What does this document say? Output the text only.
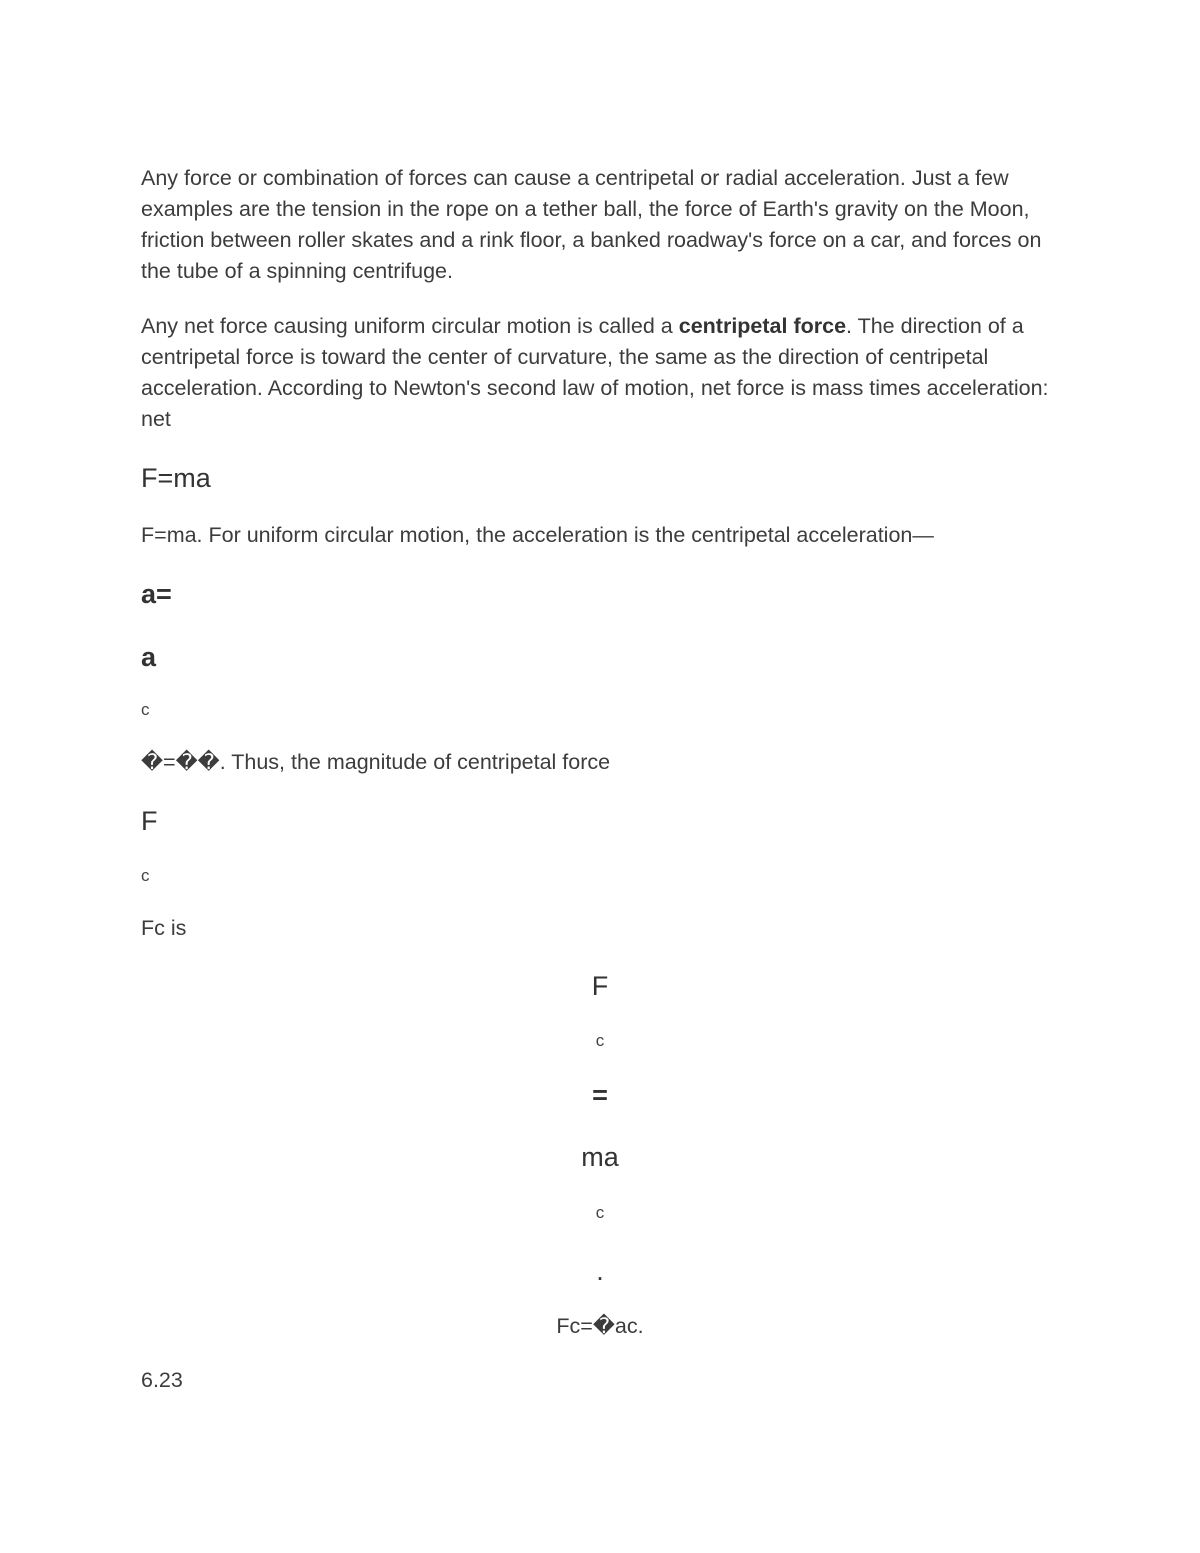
Any force or combination of forces can cause a centripetal or radial acceleration. Just a few examples are the tension in the rope on a tether ball, the force of Earth's gravity on the Moon, friction between roller skates and a rink floor, a banked roadway's force on a car, and forces on the tube of a spinning centrifuge.

Any net force causing uniform circular motion is called a centripetal force. The direction of a centripetal force is toward the center of curvature, the same as the direction of centripetal acceleration. According to Newton's second law of motion, net force is mass times acceleration: net

F=ma

F=ma. For uniform circular motion, the acceleration is the centripetal acceleration—

a=

a

c

�=��. Thus, the magnitude of centripetal force

F

c

Fc is

F

c

=

ma

c

.

Fc=�ac.

6.23
